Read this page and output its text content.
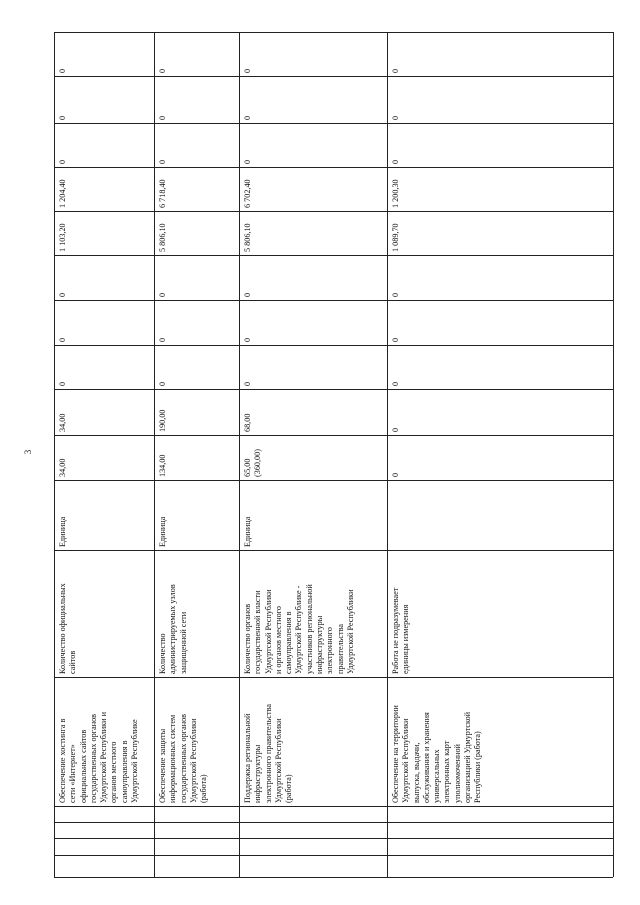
3
0
0
0
1 204,40
1 103,20
0
0
0
34,00
34,00
Единица
Количество официальных
сайтов
Обеспечение хостинга в
сети «Интернет»
официальных сайтов
государственных органов
Удмуртской Республики и
органов местного
самоуправления в
Удмуртской Республике
0
0
0
6 718,40
5 806,10
0
0
0
190,00
134,00
Единица
Количество
администрируемых узлов
защищенной сети
Обеспечение защиты
информационных систем
государственных органов
Удмуртской Республики
(работа)
0
0
0
6 702,40
5 806,10
0
0
0
68,00
65,00
(360,00)
Единица
Количество органов
государственной власти
Удмуртской Республики
и органов местного
самоуправления в
Удмуртской Республике -
участников региональной
инфраструктуры
электронного
правительства
Удмуртской Республики
Поддержка региональной
инфраструктуры
электронного правительства
Удмуртской Республики
(работа)
0
0
0
1 200,30
1 089,70
0
0
0
0
0
Работа не подразумевает
единицы измерения
Обеспечение на территории
Удмуртской Республики
выпуска, выдачи,
обслуживания и хранения
универсальных
электронных карт
уполномоченной
организацией Удмуртской
Республики (работа)
